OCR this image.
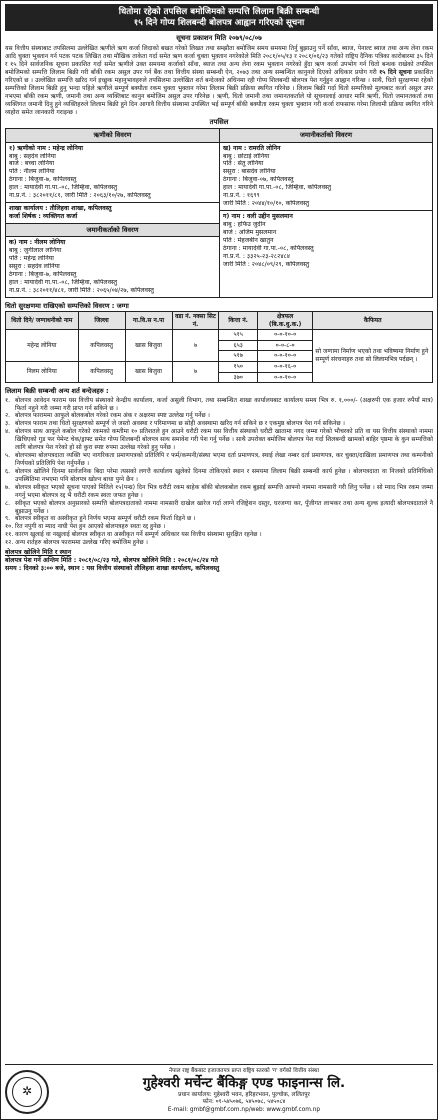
धितोमा रहेको तपसिल बमोजिमको सम्पत्ति लिलाम बिक्री सम्बन्धी
१५ दिने गोप्य शिलबन्दी बोलपत्र आह्वान गरिएको सूचना
सूचना प्रकाशन मिति २०७९/०८/०७
यस वित्तीय संस्थाबाट तपसिलमा उल्लेखित ऋणीले ऋण कर्जा लिदाको बखत गरेको लिखत तथा सम्झौता बमोजिम समय समयमा तिर्नु बुझाउनु पर्ने साँवा, ब्याज, पेनाल्ट ब्याज तथा अन्य लेना रकम आदि चुक्ता भुक्तान गर्न पटक पटक लिखित तथा मौखिक ताकेता गर्दा समेत ऋण कर्जा चुक्ता भुक्तान नगरेकोले मिति २०८१/०५/१३ र २०८१/०६/२३ गतेको राष्ट्रिय दैनिक पत्रिका कारोबारमा ३५ दिने र १५ दिने सार्वजनिक सूचना प्रकाशित गर्दा समेत ऋणीले उक्त समयमा कर्जाको साँवा, ब्याज तथा अन्य लेना रकम भुक्तान नगरेको हुँदा ऋण कर्जा उपभोग गर्न धितो बन्धक राखेको तपसिल बमोजिमको सम्पत्ति लिलाम बिक्री गरी बाँकी रकम असुल उपर गर्न बैंक तथा वित्तीय संस्था सम्बन्धी ऐन, २०७३ तथा अन्य सम्बन्धित कानुनले दिएको अधिकार प्रयोग गरी १५ दिने सूचना प्रकाशित गरिएको छ । उल्लेखित सम्पत्ति खरिद गर्न इच्छुक महानुभावहरुले तपसिलमा उल्लेखित शर्त बन्देजको अधिनमा रही गोप्य शिलबन्दी बोलपत्र पेश गर्नुहुन आह्वान गरिन्छ । साथै, धितो सुरक्षणमा रहेको सम्पत्तिको लिलाम बिक्री हुनु भन्दा पहिले ऋणीले सम्पूर्ण बक्यौता रकम चुक्ता भुक्तान गरेमा लिलाम बिक्री प्रक्रिया स्थगित गरिनेछ । लिलाम बिक्री गर्दा धितो सम्पत्तिको मूल्यबाट कर्जा असुल उपर नभएमा बाँकी रकम ऋणी, जमानी तथा अन्य व्यक्तिबाट कानुन बमोजिम असुल उपर गरिनेछ । ऋणी, धितो जमानी तथा जमानतकर्ताले यो सूचनालाई आधार मानि ऋणी, धितो जमानतकर्ता तथा व्यक्तिगत जमानी दिनु हुने व्यक्तिहरुले लिलाम बिक्री हुने दिन आगावै वित्तीय संस्थामा उपस्थित भई सम्पूर्ण बाँकी बक्यौता रकम चुक्ता भुक्तान गरी कर्जा राफसाफ गरेमा लिलामी प्रक्रिया स्थगित गरिने व्यहोरा समेत जानकारी गराइन्छ ।
तपसिल
ऋणीको विवरण
१) ऋणीको नाम : महेन्द्र लोनिया
बाबु : सहदेव लोनिया
बाजे : बच्चा लोनिया
पति : नीलम लोनिया
ठेगाना : बिजुवा-७, कपिलवस्तु
हाल : मायादेवी गा.पा.-०८, जिम्हिवा, कपिलवस्तु
ना.प्र.नं. : ३८२०११/८१, जारी मिति : २०६३/१०/२७, कपिलवस्तु
शाखा कार्यालय : तौलिहवा शाखा, कपिलवस्तु
कर्जा शिर्षक : व्यक्तिगत कर्जा
जमानीकर्ताको विवरण
क) नाम : नीलम लोनिया
बाबु : जुगीलाल लोनिया
पति : महेन्द्र लोनिया
ससुरा : सहदेव लोनिया
ठेगाना : बिजुवा-७, कपिलवस्तु
हाल : मायादेवी गा.पा.-०८, जिम्हिवा, कपिलवस्तु
ना.प्र.नं. : ३८२०११/४८१, जारी मिति : २०६५/०४/२७, कपिलवस्तु
जमानीकर्ताको विवरण
ख) नाम : रामरति लोनिन
बाबु : छोटाई लोनिया
पति : सेतु लोनिया
ससुरा : बासदेव लोनिया
ठेगाना : बिजुवा-०७, कपिलवस्तु
हाल : मायादेवी गा.पा.-०८, जिम्हिवा, कपिलवस्तु
ना.प्र.नं. : १६९९
जारी मिति : २०४४/१०/१०, कपिलवस्तु
ग) नाम : वली उद्दीन मुसलमान
बाबु : हफिउ जुदीन
बाजे : अजिम मुसलमान
पति : मेहजबीन खातुन
ठेगाना : मायादेवी गा.पा.-०८, कपिलवस्तु
ना.प्र.नं. : ३३२५-२३-२८२४८४
जारी मिति : २०४८/०९/२९, कपिलवस्तु
धितो सुरक्षणमा राखिएको सम्पत्तिको विवरण : जग्गा
धितो दिने/ जग्गाधनीको नाम	जिल्ला	गा.वि.स न.पा	वडा नं. नक्सा सिट नं.	कित्ता नं.	क्षेत्रफल (बि.क.धु.क.)	कैफियत
महेन्द्र लोनिया	कपिलवस्तु	खास बिजुवा	७	५१५	०-०-१०-०	सो जग्गामा निर्माण भएको तथा भविष्यमा निर्माण हुने सम्पूर्ण संरचनाहरु तथा सो लिलामभित्र पर्दछन् ।
				६५३	०-०-८-०	
				५१७	०-०-१०-०	
निलम लोनिया	कपिलवस्तु	खास बिजुवा	७	१५०	०-०-१६-०	
				३७०	०-०-१०-०	
लिलाम बिक्री सम्बन्धी अन्य शर्त बन्देजहरु :
१. बोलपत्र आवेदन फाराम यस वित्तीय संस्थाको केन्द्रीय कार्यालय, कर्जा असुली विभाग, तथा सम्बन्धित शाखा कार्यालयबाट कार्यालय समय भित्र रु. १,०००/- (अक्षरुपी एक हजार रुपैयाँ मात्र) फिर्ता नहुने गरी जम्मा गरी प्राप्त गर्न सकिने छ ।
२. बोलपत्र फाराममा आफूले बोलकबोल गरेको रकम अंक र अक्षरमा स्पष्ट उल्लेख गर्नु पर्नेछ ।
३. बोलपत्र फाराम तथा धितो सुरक्षणको सम्पूर्ण जे जस्तो अवस्था र परिमाणमा छ सोही अवस्थामा खरिद गर्न सकिने छ र एकमुष्ठ बोलपत्र पेश गर्न सकिनेछ ।
४. बोलपत्र साथ आफूले कबोल गरेको रकमको कम्तीमा १० प्रतिशतले हुन आउने धरौटी रकम यस वित्तीय संस्थाको धरौटी खातामा नगद जम्मा गरेको भौचरको प्रति वा यस वित्तीय संस्थाको नाममा खिचिएको गुड फर पेमेन्ट चेक/ड्राफ्ट समेत गोप्य शिलबन्दी बोलपत्र साथ समावेश गरी पेश गर्नु पर्नेछ । साथै उपरोक्त बमोजिम बोलपत्र पेश गर्दा शिलबन्दी खामको बाहिर पृष्ठमा के कुन सम्पत्तिको लागि बोलपत्र पेश गरेको हो सो कुरा स्पष्ट रुपमा उल्लेख गरेको हुनु पर्नेछ ।
५. बोलपत्रमा बोलपत्रदाता व्यक्ति भए नागरिकता प्रमाणपत्रको प्रतिलिपि र फर्म/कम्पनी/संस्था भएमा दर्ता प्रमाणपत्र, स्थाई लेखा नम्बर दर्ता प्रमाणपत्र, कर चुक्ता/दाखिला प्रमाणपत्र तथा कम्पनीको निर्णयको प्रतिलिपि पेश गर्नुपर्नेछ ।
६. बोलपत्र खोलिने दिनमा सार्वजनिक बिदा परेमा त्यसको लगत्तै कार्यालय खुलेको दिनमा तोकिएको स्थान र समयमा लिलाम बिक्री सम्बन्धी कार्य हुनेछ । बोलपत्रदाता वा निजको प्रतिनिधिको उपस्थितिमा नभएमा पनि बोलपत्र खोल्न बाधा पुग्ने छैन ।
७. बोलपत्र स्वीकृत भएको सूचना पाएको मितिले १५(पन्ध्र) दिन भित्र धरौटी रकम बाहेक बाँकी बोलकबोल रकम बुझाई सम्पत्ति आफ्नो नाममा नामसारी गरी लिनु पर्नेछ । सो म्याद भित्र रकम जम्मा नगर्नु भएमा बोलपत्र रद्द भै धरौटी रकम स्वतः जफत हुनेछ ।
८. स्वीकृत भएको बोलपत्र अनुसारको सम्पत्ति बोलपत्रदाताको नाममा नामसारी दाखेल खारेज गर्दा लाग्ने रजिष्ट्रेशन दस्तुर, घरजग्गा कर, पूँजीगत लाभकर तथा अन्य शुल्क इत्यादी बोलपत्रदाताले नै बुझाउनु पर्नेछ ।
९. बोलपत्र स्वीकृत वा अस्वीकृत हुने निर्णय भएमा सम्पूर्ण धरौटी रकम फिर्ता दिइने छ ।
१०. रित नपुगी वा म्याद नाघी पेश हुन आएको बोलपत्रहरु स्वतः रद्द हुनेछ ।
११. कारण खुलाई वा नखुलाई बोलपत्र स्वीकृत वा अस्वीकृत गर्ने सम्पूर्ण अधिकार यस वित्तीय संस्थामा सुरक्षित रहनेछ ।
१२. अन्य शर्तहरु बोलपत्र फाराममा उल्लेख गरिए बमोजिम हुनेछ ।
बोलपत्र खोलिने मिति र स्थान
बोलपत्र पेश गर्ने अन्तिम मिति : २०८१/०८/२३ गते, बोलपत्र खोलिने मिति : २०८१/०८/२४ गते
समय : दिनको ३:०० बजे, स्थान : यस वित्तीय संस्थाको तौलिहवा शाखा कार्यालय, कपिलवस्तु
✲
नेपाल राष्ट्र बैंकबाट इजाजतपत्र प्राप्त राष्ट्रिय स्तरको 'ग' वर्गको वित्तीय संस्था
गुहेश्वरी मर्चेन्ट बैंकिङ्ग एण्ड फाइनान्स लि.
प्रधान कार्यालय: गुहेश्वरी भवन, हरिहरभवन, पुल्चोक, ललितपुर
फोन: ०१-५४५०७६, ५४५०७८, ५४५०८४
E-mail: gmbf@gmbf.com.np/web: www.gmbf.com.np
